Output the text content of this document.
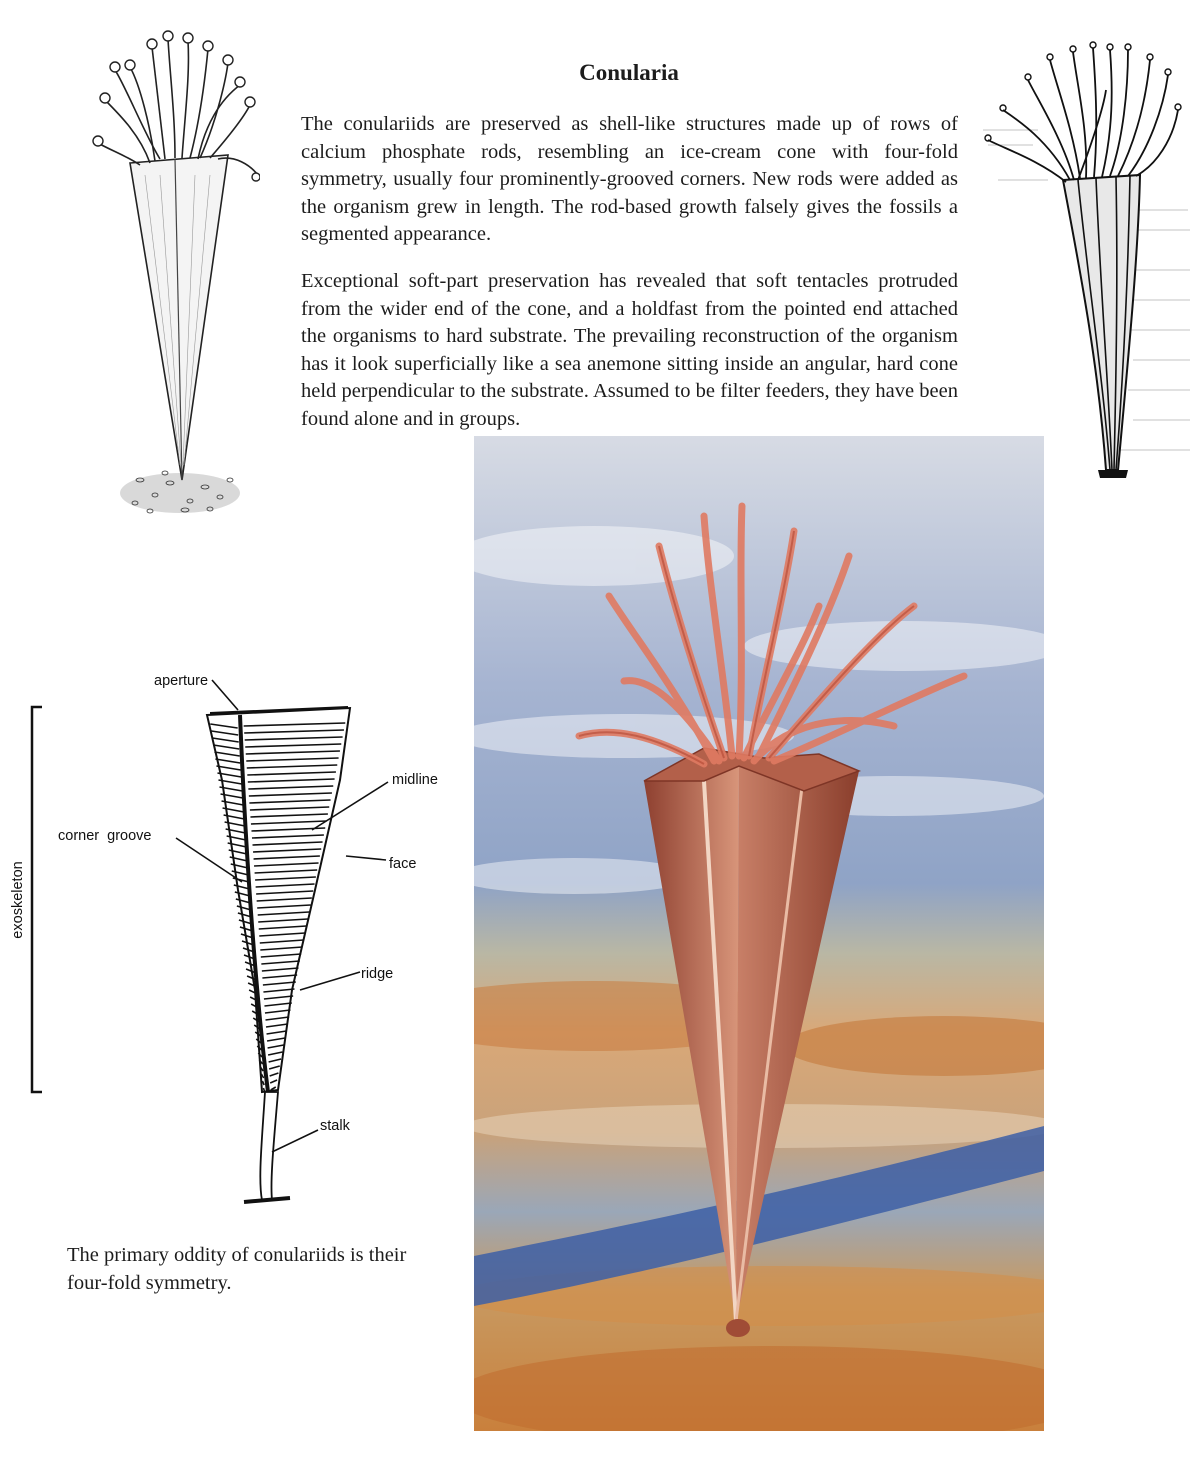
Conularia

The conulariids are preserved as shell-like structures made up of rows of calcium phosphate rods, resembling an ice-cream cone with four-fold symmetry, usually four prominently-grooved corners. New rods were added as the organism grew in length. The rod-based growth falsely gives the fossils a segmented appearance.

Exceptional soft-part preservation has revealed that soft tentacles protruded from the wider end of the cone, and a holdfast from the pointed end attached the organisms to hard substrate. The prevailing reconstruction of the organism has it look superficially like a sea anemone sitting inside an angular, hard cone held perpendicular to the substrate. Assumed to be filter feeders, they have been found alone and in groups.

exoskeleton
aperture
midline
corner  groove
face
ridge
stalk

The primary oddity of conulariids is their four-fold symmetry.
